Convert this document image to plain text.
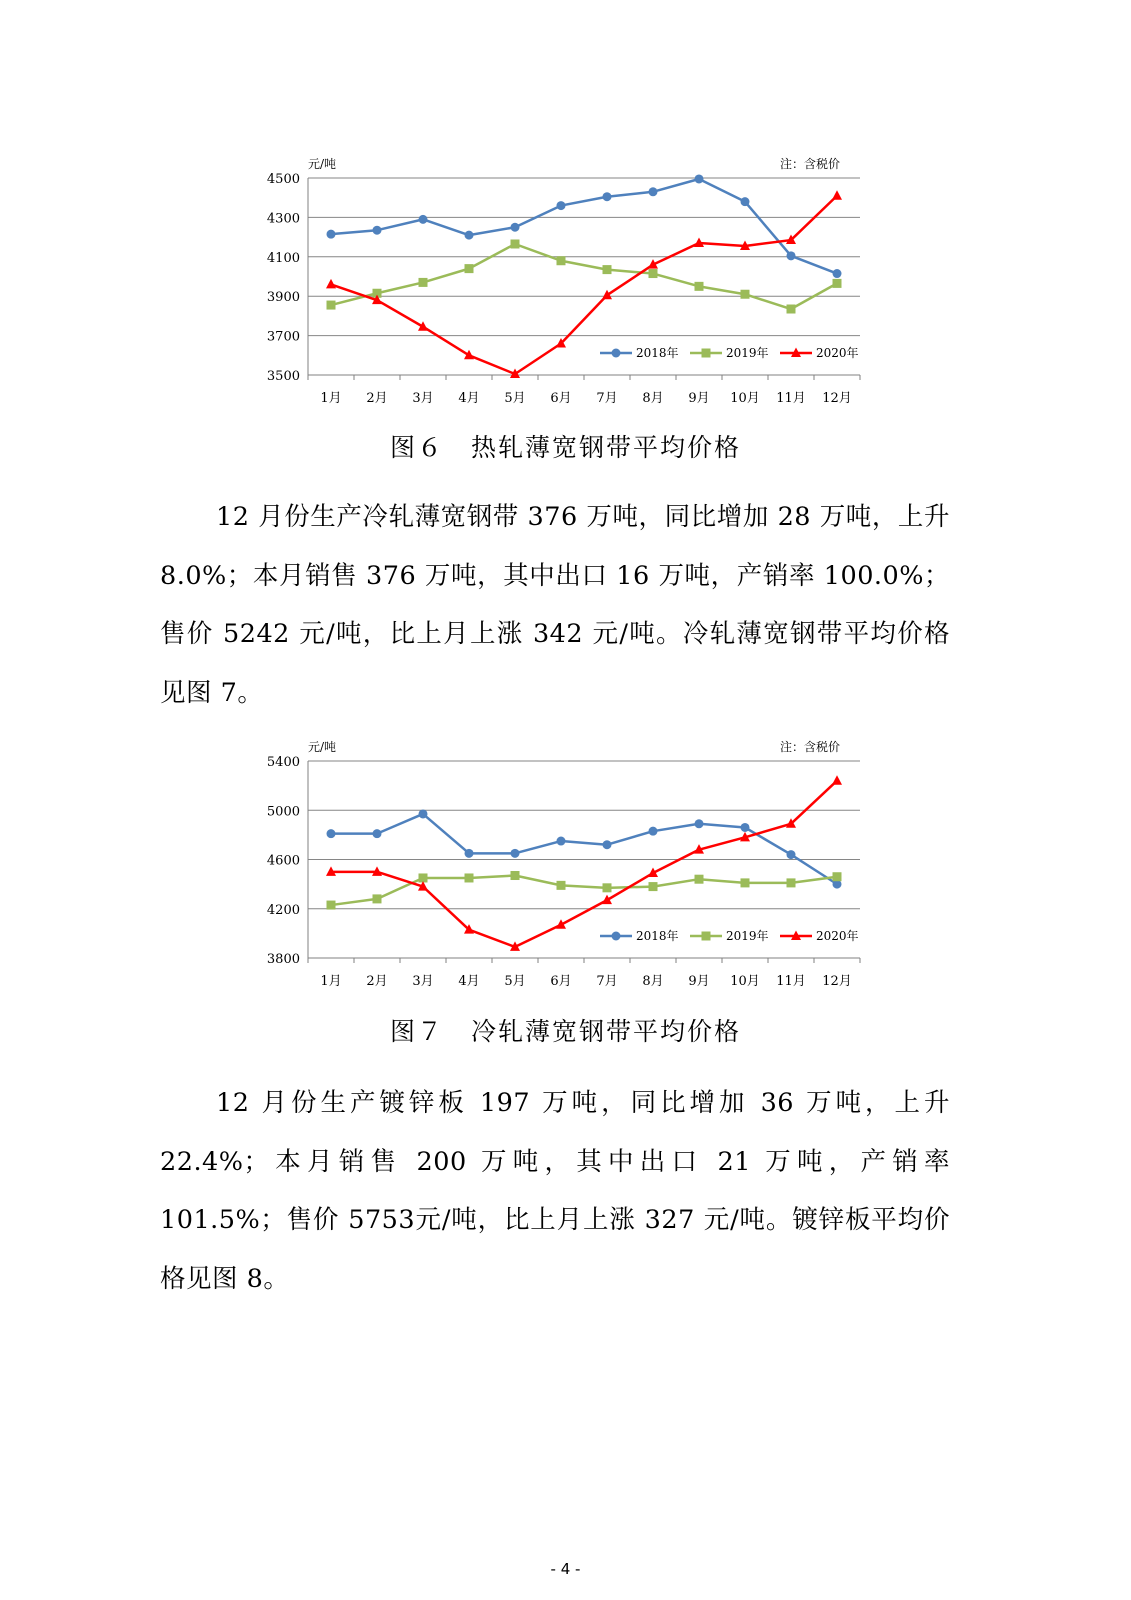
3500
3700
3900
4100
4300
4500
1月 2月 3月 4月 5月 6月 7月 8月 9月 10月 11月 12月
元/吨	注：含税价
2018年	2019年	2020年
图６　热轧薄宽钢带平均价格

12 月份生产冷轧薄宽钢带 376 万吨，同比增加 28 万吨，上升8.0%；本月销售 376 万吨，其中出口 16 万吨，产销率 100.0%；售价 5242 元/吨，比上月上涨 342 元/吨。冷轧薄宽钢带平均价格见图 7。

3800
4200
4600
5000
5400
1月 2月 3月 4月 5月 6月 7月 8月 9月 10月 11月 12月
元/吨	注：含税价
2018年	2019年	2020年
图７　冷轧薄宽钢带平均价格

12 月份生产镀锌板 197 万吨，同比增加 36 万吨，上升 22.4%；本月销售 200 万吨，其中出口 21 万吨，产销率 101.5%；售价 5753元/吨，比上月上涨 327 元/吨。镀锌板平均价格见图 8。

- 4 -
